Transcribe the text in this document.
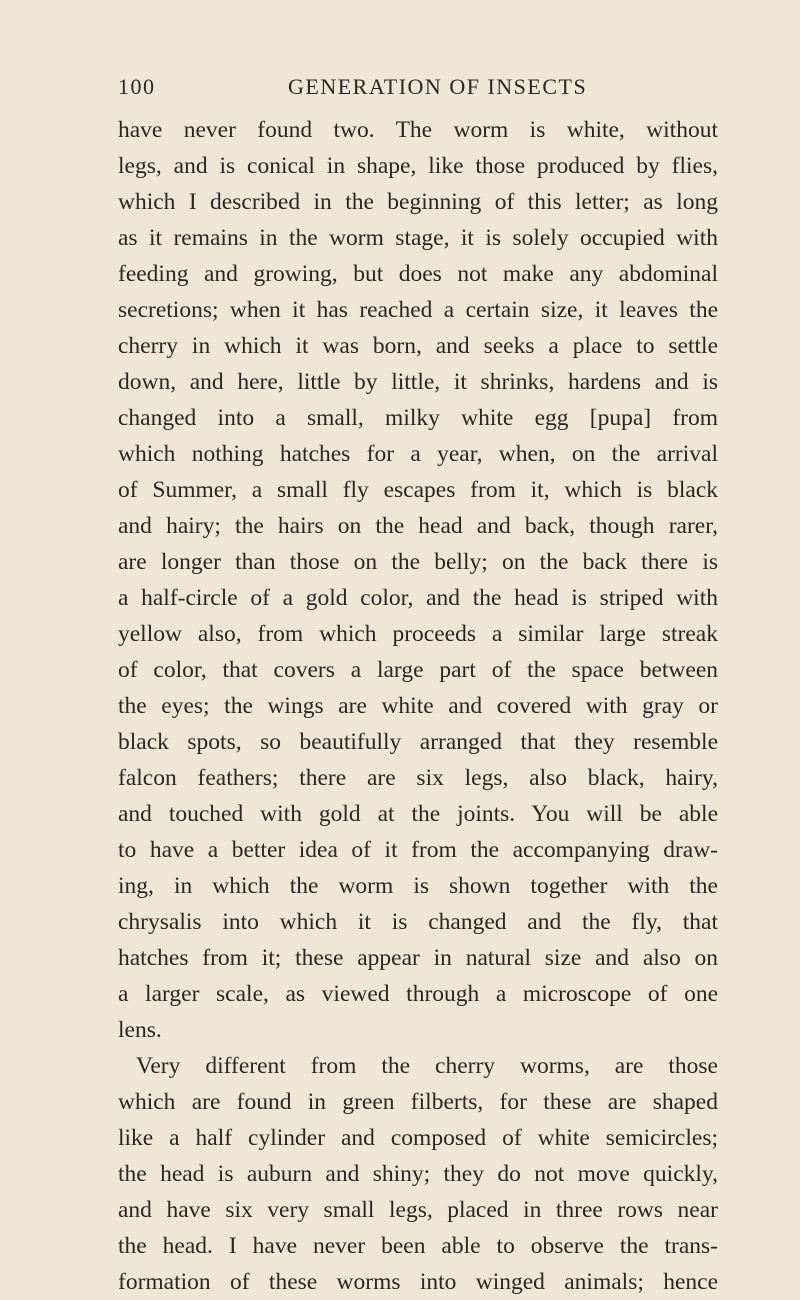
100	GENERATION OF INSECTS
have never found two. The worm is white, without
legs, and is conical in shape, like those produced by flies,
which I described in the beginning of this letter; as long
as it remains in the worm stage, it is solely occupied with
feeding and growing, but does not make any abdominal
secretions; when it has reached a certain size, it leaves the
cherry in which it was born, and seeks a place to settle
down, and here, little by little, it shrinks, hardens and is
changed into a small, milky white egg [pupa] from
which nothing hatches for a year, when, on the arrival
of Summer, a small fly escapes from it, which is black
and hairy; the hairs on the head and back, though rarer,
are longer than those on the belly; on the back there is
a half-circle of a gold color, and the head is striped with
yellow also, from which proceeds a similar large streak
of color, that covers a large part of the space between
the eyes; the wings are white and covered with gray or
black spots, so beautifully arranged that they resemble
falcon feathers; there are six legs, also black, hairy,
and touched with gold at the joints. You will be able
to have a better idea of it from the accompanying draw-
ing, in which the worm is shown together with the
chrysalis into which it is changed and the fly, that
hatches from it; these appear in natural size and also on
a larger scale, as viewed through a microscope of one
lens.
Very different from the cherry worms, are those
which are found in green filberts, for these are shaped
like a half cylinder and composed of white semicircles;
the head is auburn and shiny; they do not move quickly,
and have six very small legs, placed in three rows near
the head. I have never been able to observe the trans-
formation of these worms into winged animals; hence
